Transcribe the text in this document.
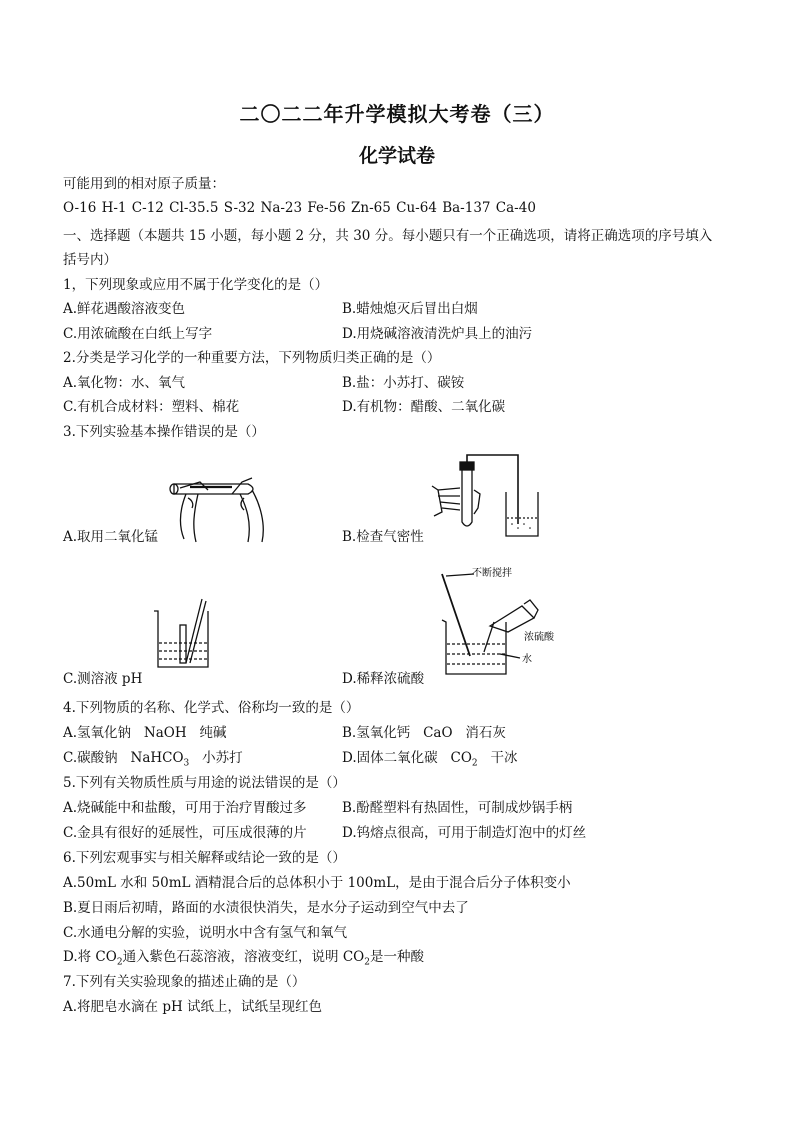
二〇二二年升学模拟大考卷（三）
化学试卷
可能用到的相对原子质量：
O-16 H-1 C-12 Cl-35.5 S-32 Na-23 Fe-56 Zn-65 Cu-64 Ba-137 Ca-40
一、选择题（本题共 15 小题，每小题 2 分，共 30 分。每小题只有一个正确选项，请将正确选项的序号填入括号内）
1，下列现象或应用不属于化学变化的是（）
A.鲜花遇酸溶液变色	B.蜡烛熄灭后冒出白烟
C.用浓硫酸在白纸上写字	D.用烧碱溶液清洗炉具上的油污
2.分类是学习化学的一种重要方法，下列物质归类正确的是（）
A.氧化物：水、氧气	B.盐：小苏打、碳铵
C.有机合成材料：塑料、棉花	D.有机物：醋酸、二氧化碳
3.下列实验基本操作错误的是（）
A.取用二氧化锰	B.检查气密性
C.测溶液 pH
不断搅拌
浓硫酸
水
D.稀释浓硫酸
4.下列物质的名称、化学式、俗称均一致的是（）
A.氢氧化钠   NaOH   纯碱	B.氢氧化钙   CaO   消石灰
C.碳酸钠   NaHCO$_3$   小苏打	D.固体二氧化碳   $CO_2$   干冰
5.下列有关物质性质与用途的说法错误的是（）
A.烧碱能中和盐酸，可用于治疗胃酸过多	B.酚醛塑料有热固性，可制成炒锅手柄
C.金具有很好的延展性，可压成很薄的片	D.钨熔点很高，可用于制造灯泡中的灯丝
6.下列宏观事实与相关解释或结论一致的是（）
A.50mL 水和 50mL 酒精混合后的总体积小于 100mL，是由于混合后分子体积变小
B.夏日雨后初晴，路面的水渍很快消失，是水分子运动到空气中去了
C.水通电分解的实验，说明水中含有氢气和氧气
D.将 $CO_2$通入紫色石蕊溶液，溶液变红，说明 $CO_2$是一种酸
7.下列有关实验现象的描述止确的是（）
A.将肥皂水滴在 pH 试纸上，试纸呈现红色
